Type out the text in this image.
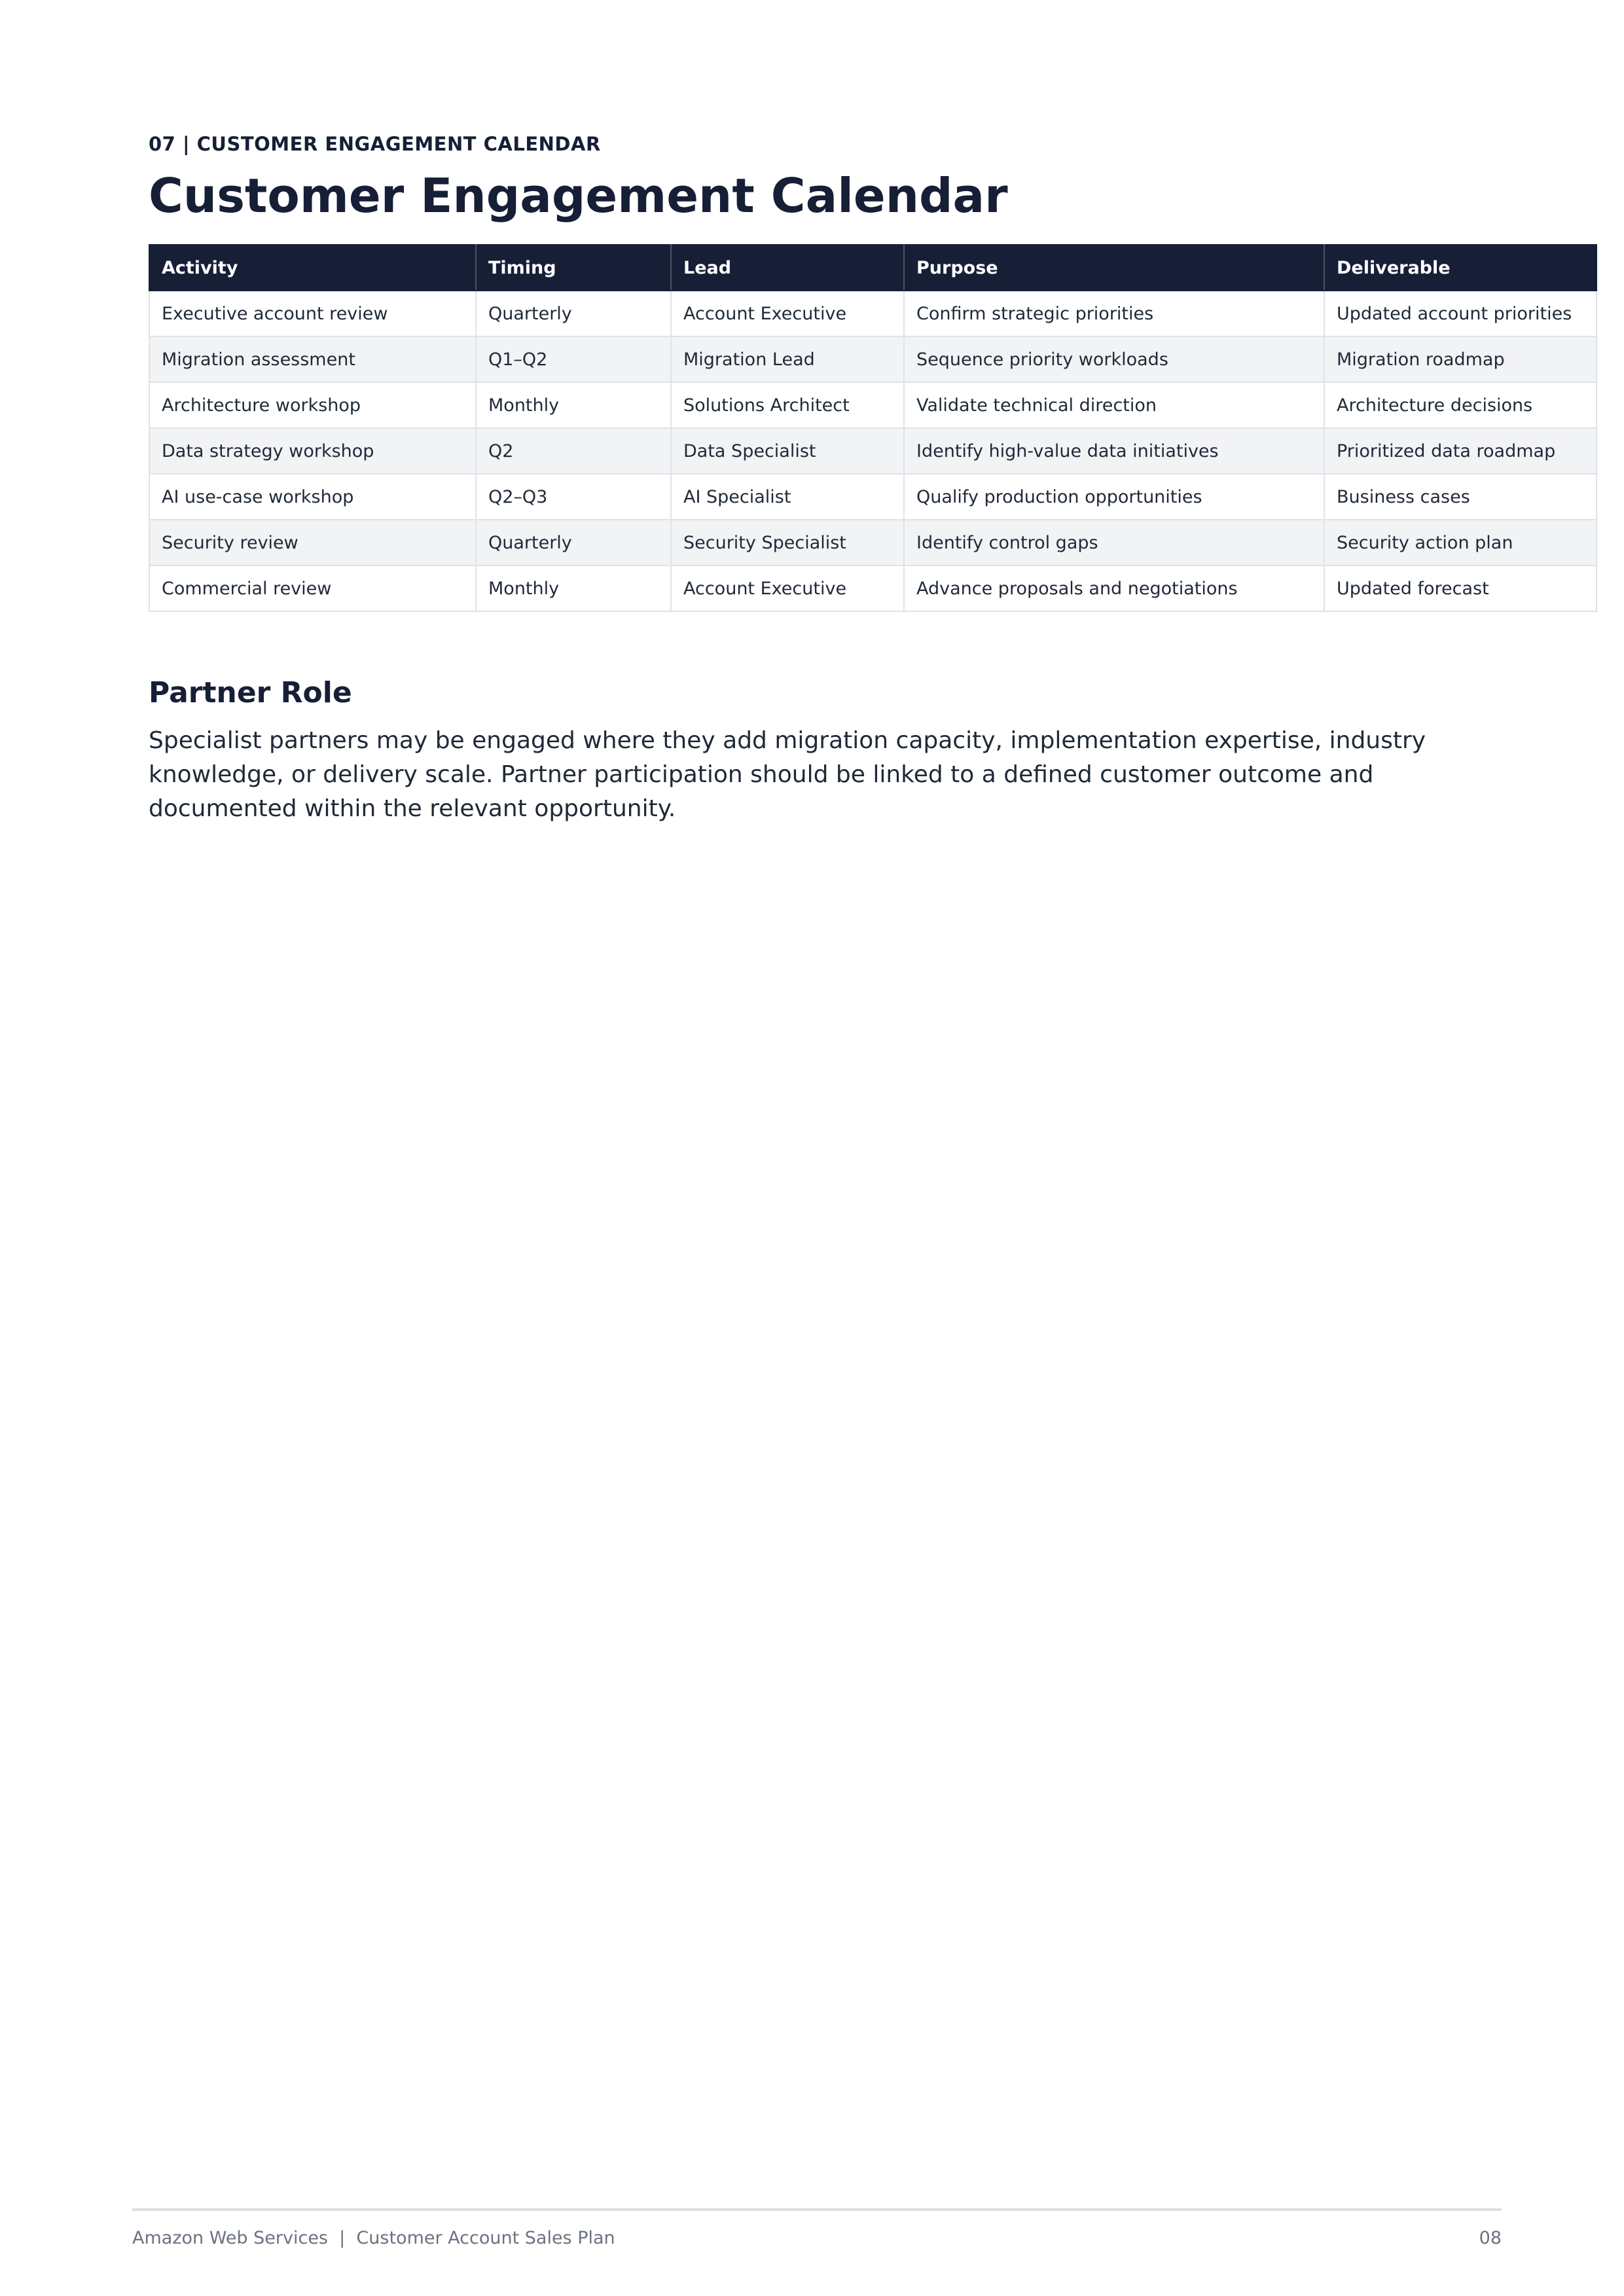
07 | CUSTOMER ENGAGEMENT CALENDAR
Customer Engagement Calendar
Activity	Timing	Lead	Purpose	Deliverable
Executive account review	Quarterly	Account Executive	Confirm strategic priorities	Updated account priorities
Migration assessment	Q1–Q2	Migration Lead	Sequence priority workloads	Migration roadmap
Architecture workshop	Monthly	Solutions Architect	Validate technical direction	Architecture decisions
Data strategy workshop	Q2	Data Specialist	Identify high-value data initiatives	Prioritized data roadmap
AI use-case workshop	Q2–Q3	AI Specialist	Qualify production opportunities	Business cases
Security review	Quarterly	Security Specialist	Identify control gaps	Security action plan
Commercial review	Monthly	Account Executive	Advance proposals and negotiations	Updated forecast
Partner Role

Specialist partners may be engaged where they add migration capacity, implementation expertise, industry knowledge, or delivery scale. Partner participation should be linked to a defined customer outcome and documented within the relevant opportunity.

Amazon Web Services  |  Customer Account Sales Plan	08
